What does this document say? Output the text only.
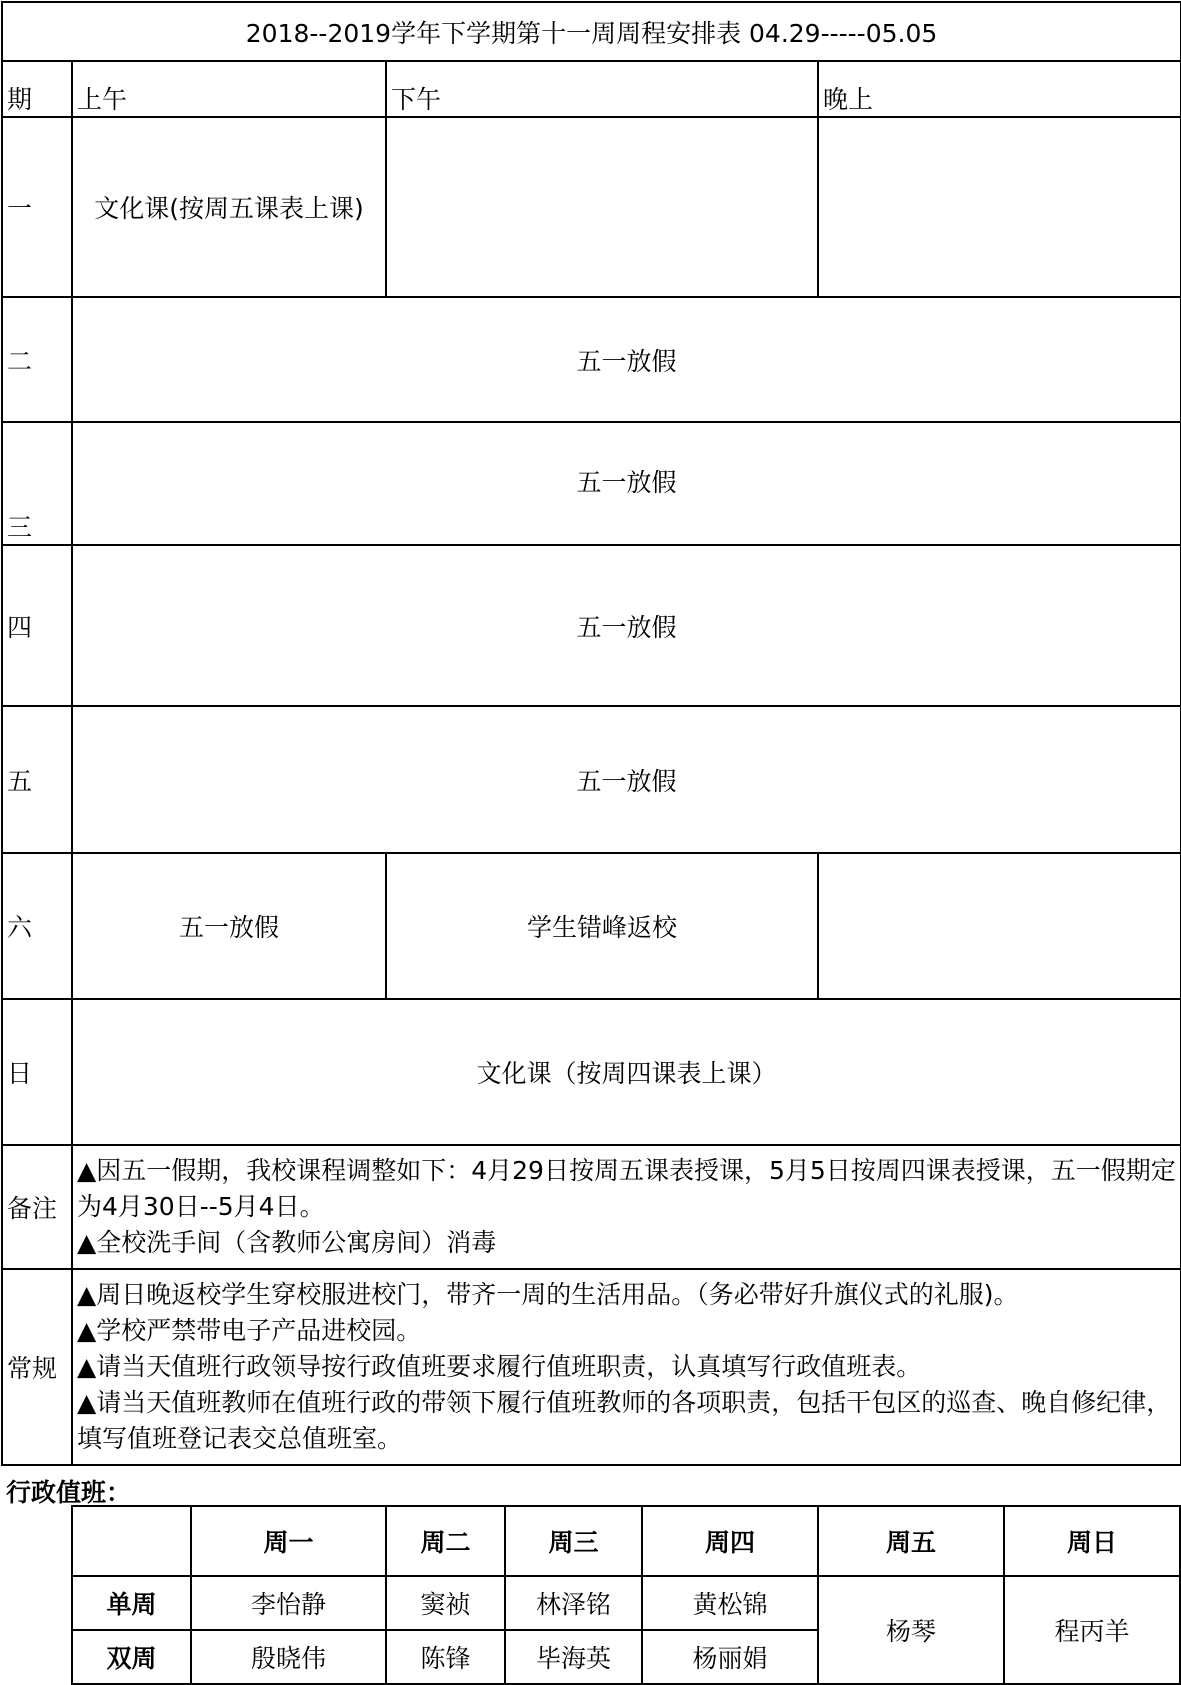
2018--2019学年下学期第十一周周程安排表 04.29-----05.05			
期	上午	下午	晚上
一	文化课(按周五课表上课)		
二	五一放假		
三	五一放假		
四	五一放假		
五	五一放假		
六	五一放假	学生错峰返校	
日	文化课（按周四课表上课）		
备注	▲因五一假期，我校课程调整如下：4月29日按周五课表授课，5月5日按周四课表授课，五一假期定为4月30日--5月4日。
▲全校洗手间（含教师公寓房间）消毒		

常规	▲周日晚返校学生穿校服进校门，带齐一周的生活用品。（务必带好升旗仪式的礼服)。
▲学校严禁带电子产品进校园。
▲请当天值班行政领导按行政值班要求履行值班职责，认真填写行政值班表。
▲请当天值班教师在值班行政的带领下履行值班教师的各项职责，包括干包区的巡查、晚自修纪律，填写值班登记表交总值班室。		
行政值班：
	周一	周二	周三	周四	周五	周日
单周	李怡静	窦祯	林泽铭	黄松锦	杨琴	程丙羊
双周	殷晓伟	陈锋	毕海英	杨丽娟		
